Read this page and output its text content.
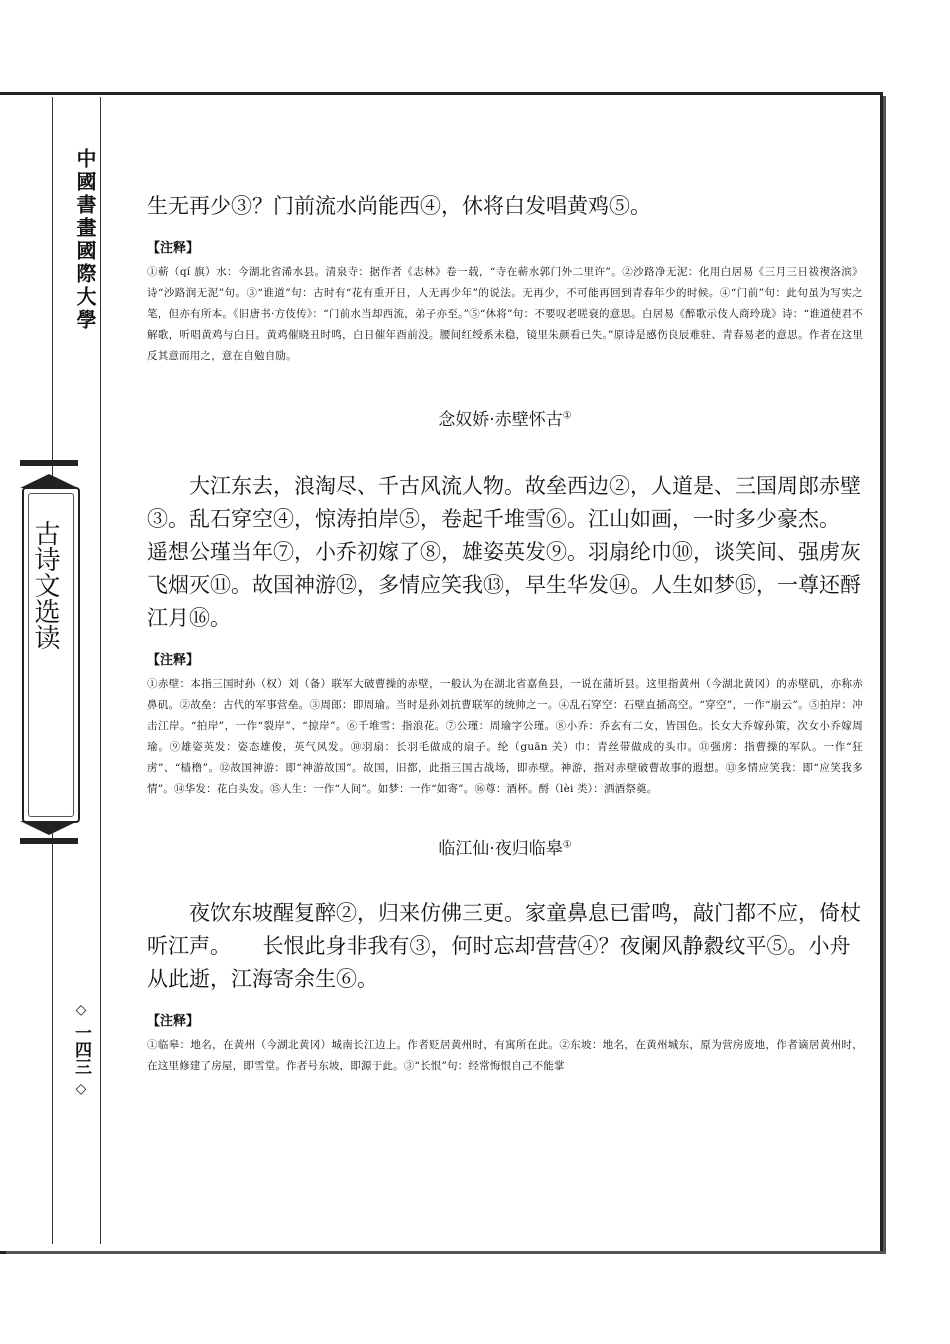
中國書畫國際大學
古诗文选读
◇ 一四三 ◇

生无再少③？门前流水尚能西④，休将白发唱黄鸡⑤。

【注释】

①蕲（qí 旗）水：今湖北省浠水县。清泉寺：据作者《志林》卷一载，“寺在蕲水郭门外二里许”。②沙路净无泥：化用白居易《三月三日祓禊洛滨》诗“沙路润无泥”句。③“谁道”句：古时有“花有重开日，人无再少年”的说法。无再少，不可能再回到青春年少的时候。④“门前”句：此句虽为写实之笔，但亦有所本。《旧唐书·方伎传》：“门前水当却西流，弟子亦至。”⑤“休将”句：不要叹老嗟衰的意思。白居易《醉歌示伎人商玲珑》诗：“谁道使君不解歌，听唱黄鸡与白日。黄鸡催晓丑时鸣，白日催年酉前没。腰间红绶系未稳，镜里朱颜看已失。”原诗是感伤良辰难驻、青春易老的意思。作者在这里反其意而用之，意在自勉自励。

念奴娇·赤壁怀古①

大江东去，浪淘尽、千古风流人物。故垒西边②，人道是、三国周郎赤壁③。乱石穿空④，惊涛拍岸⑤，卷起千堆雪⑥。江山如画，一时多少豪杰。　　遥想公瑾当年⑦，小乔初嫁了⑧，雄姿英发⑨。羽扇纶巾⑩，谈笑间、强虏灰飞烟灭⑪。故国神游⑫，多情应笑我⑬，早生华发⑭。人生如梦⑮，一尊还酹江月⑯。

【注释】

①赤壁：本指三国时孙（权）刘（备）联军大破曹操的赤壁，一般认为在湖北省嘉鱼县，一说在蒲圻县。这里指黄州（今湖北黄冈）的赤壁矶，亦称赤鼻矶。②故垒：古代的军事营垒。③周郎：即周瑜。当时是孙刘抗曹联军的统帅之一。④乱石穿空：石壁直插高空。“穿空”，一作“崩云”。⑤拍岸：冲击江岸。“拍岸”，一作“裂岸”、“掠岸”。⑥千堆雪：指浪花。⑦公瑾：周瑜字公瑾。⑧小乔：乔玄有二女，皆国色。长女大乔嫁孙策，次女小乔嫁周瑜。⑨雄姿英发：姿态雄俊，英气风发。⑩羽扇：长羽毛做成的扇子。纶（guān 关）巾：青丝带做成的头巾。⑪强虏：指曹操的军队。一作“狂虏”、“樯橹”。⑫故国神游：即“神游故国”。故国，旧都，此指三国古战场，即赤壁。神游，指对赤壁破曹故事的遐想。⑬多情应笑我：即“应笑我多情”。⑭华发：花白头发。⑮人生：一作“人间”。如梦：一作“如寄”。⑯尊：酒杯。酹（lèi 类）：洒酒祭奠。

临江仙·夜归临皋①

夜饮东坡醒复醉②，归来仿佛三更。家童鼻息已雷鸣，敲门都不应，倚杖听江声。　　长恨此身非我有③，何时忘却营营④？夜阑风静縠纹平⑤。小舟从此逝，江海寄余生⑥。

【注释】

①临皋：地名，在黄州（今湖北黄冈）城南长江边上。作者贬居黄州时，有寓所在此。②东坡：地名，在黄州城东，原为营房废地，作者谪居黄州时，在这里修建了房屋，即雪堂。作者号东坡，即源于此。③“长恨”句：经常悔恨自己不能掌
